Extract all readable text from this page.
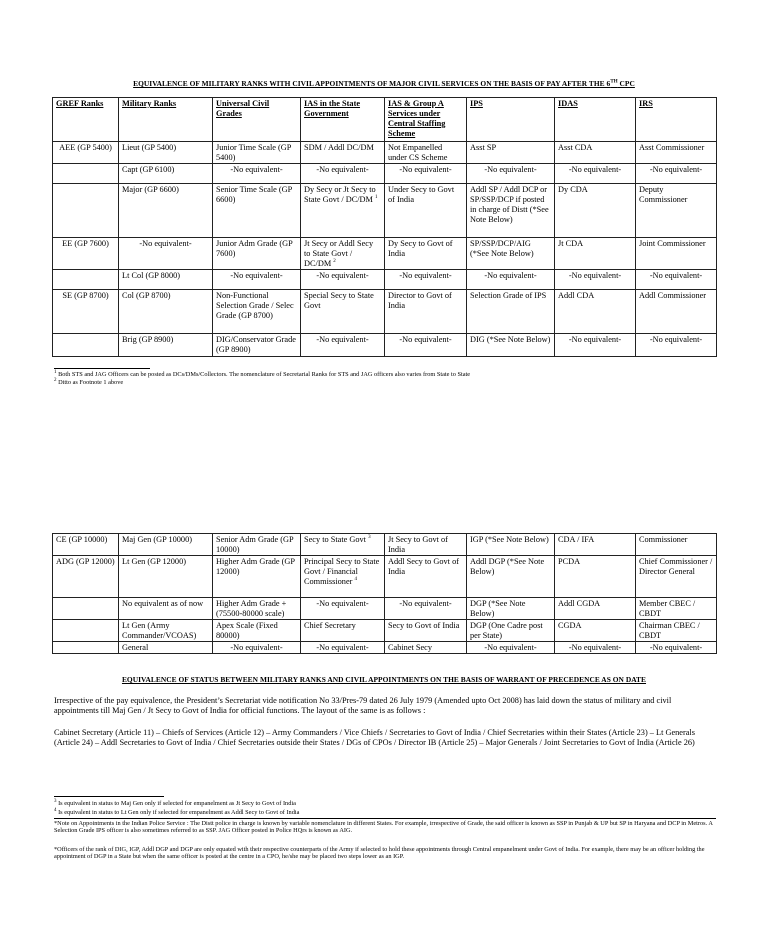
EQUIVALENCE OF MILITARY RANKS WITH CIVIL APPOINTMENTS OF MAJOR CIVIL SERVICES ON THE BASIS OF PAY AFTER THE 6TH CPC
GREF Ranks	Military Ranks	Universal Civil Grades	IAS in the State Government	IAS & Group A Services under Central Staffing Scheme	IPS	IDAS	IRS
AEE (GP 5400)	Lieut (GP 5400)	Junior Time Scale (GP 5400)	SDM / Addl DC/DM	Not Empanelled under CS Scheme	Asst SP	Asst CDA	Asst Commissioner
	Capt (GP 6100)	-No equivalent-	-No equivalent-	-No equivalent-	-No equivalent-	-No equivalent-	-No equivalent-
	Major (GP 6600)	Senior Time Scale (GP 6600)	Dy Secy or Jt Secy to State Govt / DC/DM $^1$	Under Secy to Govt of India	Addl SP / Addl DCP or SP/SSP/DCP if posted in charge of Distt (*See Note Below)	Dy CDA	Deputy Commissioner
EE (GP 7600)	-No equivalent-	Junior Adm Grade (GP 7600)	Jt Secy or Addl Secy to State Govt / DC/DM $^2$	Dy Secy to Govt of India	SP/SSP/DCP/AIG (*See Note Below)	Jt CDA	Joint Commissioner
	Lt Col (GP 8000)	-No equivalent-	-No equivalent-	-No equivalent-	-No equivalent-	-No equivalent-	-No equivalent-
SE (GP 8700)	Col (GP 8700)	Non-Functional Selection Grade / Selec Grade (GP 8700)	Special Secy to State Govt	Director to Govt of India	Selection Grade of IPS	Addl CDA	Addl Commissioner
	Brig (GP 8900)	DIG/Conservator Grade (GP 8900)	-No equivalent-	-No equivalent-	DIG (*See Note Below)	-No equivalent-	-No equivalent-
$^1$ Both STS and JAG Officers can be posted as DCs/DMs/Collectors. The nomenclature of Secretarial Ranks for STS and JAG officers also varies from State to State
$^2$ Ditto as Footnote 1 above
CE (GP 10000)	Maj Gen (GP 10000)	Senior Adm Grade (GP 10000)	Secy to State Govt $^3$	Jt Secy to Govt of India	IGP (*See Note Below)	CDA / IFA	Commissioner
ADG (GP 12000)	Lt Gen (GP 12000)	Higher Adm Grade (GP 12000)	Principal Secy to State Govt / Financial Commissioner $^4$	Addl Secy to Govt of India	Addl DGP (*See Note Below)	PCDA	Chief Commissioner / Director General
	No equivalent as of now	Higher Adm Grade + (75500-80000 scale)	-No equivalent-	-No equivalent-	DGP (*See Note Below)	Addl CGDA	Member CBEC / CBDT
	Lt Gen (Army Commander/VCOAS)	Apex Scale (Fixed 80000)	Chief Secretary	Secy to Govt of India	DGP (One Cadre post per State)	CGDA	Chairman CBEC / CBDT
	General	-No equivalent-	-No equivalent-	Cabinet Secy	-No equivalent-	-No equivalent-	-No equivalent-
EQUIVALENCE OF STATUS BETWEEN MILITARY RANKS AND CIVIL APPOINTMENTS ON THE BASIS OF WARRANT OF PRECEDENCE AS ON DATE
Irrespective of the pay equivalence, the President’s Secretariat vide notification No 33/Pres-79 dated 26 July 1979 (Amended upto Oct 2008) has laid down the status of military and civil appointments till Maj Gen / Jt Secy to Govt of India for official functions. The layout of the same is as follows :
Cabinet Secretary (Article 11) – Chiefs of Services (Article 12) – Army Commanders / Vice Chiefs / Secretaries to Govt of India / Chief Secretaries within their States (Article 23) – Lt Generals (Article 24) – Addl Secretaries to Govt of India / Chief Secretaries outside their States / DGs of CPOs / Director IB (Article 25) – Major Generals / Joint Secretaries to Govt of India (Article 26)
$^3$ Is equivalent in status to Maj Gen only if selected for empanelment as Jt Secy to Govt of India
$^4$ Is equivalent in status to Lt Gen only if selected for empanelment as Addl Secy to Govt of India
*Note on Appointments in the Indian Police Service : The Distt police in charge is known by variable nomenclature in different States. For example, irrespective of Grade, the said officer is known as SSP in Punjab & UP but SP in Haryana and DCP in Metros. A Selection Grade IPS officer is also sometimes referred to as SSP. JAG Officer posted in Police HQrs is known as AIG.
*Officers of the rank of DIG, IGP, Addl DGP and DGP are only equated with their respective counterparts of the Army if selected to hold these appointments through Central empanelment under Govt of India. For example, there may be an officer holding the appointment of DGP in a State but when the same officer is posted at the centre in a CPO, he/she may be placed two steps lower as an IGP.
